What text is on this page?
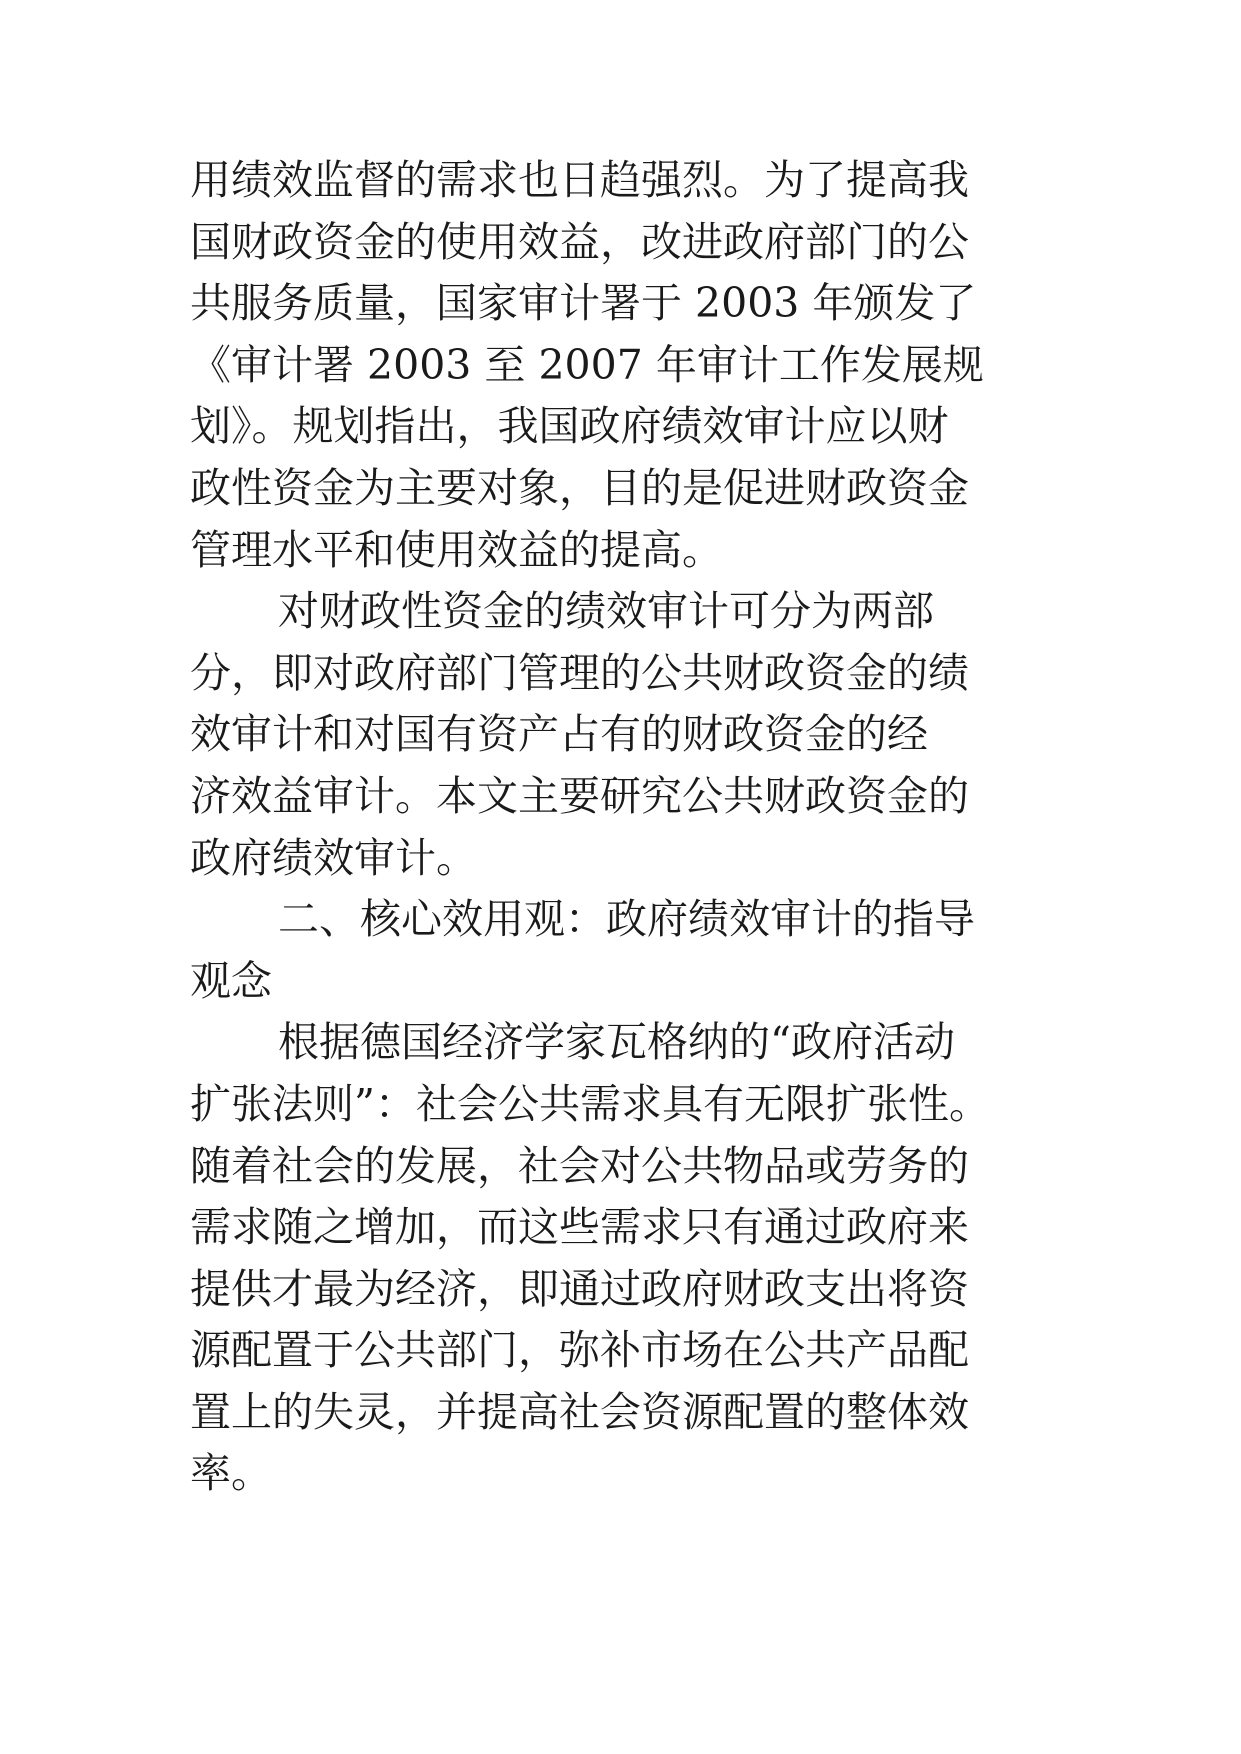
用绩效监督的需求也日趋强烈。为了提高我
国财政资金的使用效益，改进政府部门的公
共服务质量，国家审计署于 2003 年颁发了
《审计署 2003 至 2007 年审计工作发展规
划》。规划指出，我国政府绩效审计应以财
政性资金为主要对象，目的是促进财政资金
管理水平和使用效益的提高。
对财政性资金的绩效审计可分为两部
分，即对政府部门管理的公共财政资金的绩
效审计和对国有资产占有的财政资金的经
济效益审计。本文主要研究公共财政资金的
政府绩效审计。
二、核心效用观：政府绩效审计的指导
观念
根据德国经济学家瓦格纳的“政府活动
扩张法则”：社会公共需求具有无限扩张性。
随着社会的发展，社会对公共物品或劳务的
需求随之增加，而这些需求只有通过政府来
提供才最为经济，即通过政府财政支出将资
源配置于公共部门，弥补市场在公共产品配
置上的失灵，并提高社会资源配置的整体效
率。
